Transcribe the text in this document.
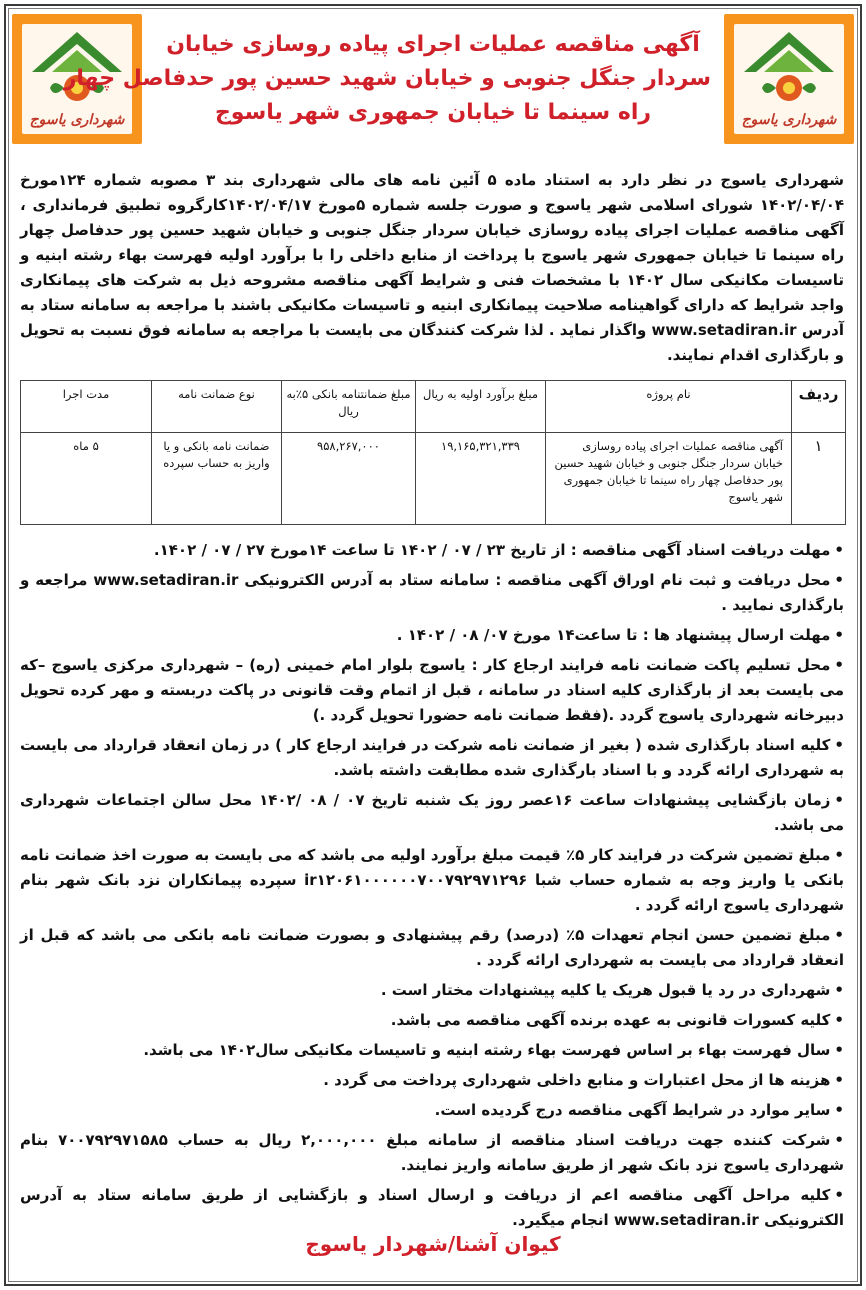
شهرداری یاسوج
آگهی مناقصه عملیات اجرای پیاده روسازی خیابان
سردار جنگل جنوبی و خیابان شهید حسین پور حدفاصل چهار
راه سینما تا خیابان جمهوری شهر یاسوج	شهرداری یاسوج
شهرداری یاسوج در نظر دارد به استناد ماده ۵ آئین نامه های مالی شهرداری بند ۳ مصوبه شماره ۱۲۴مورخ ۱۴۰۲/۰۴/۰۴ شورای اسلامی شهر یاسوج و صورت جلسه شماره ۵مورخ ۱۴۰۲/۰۴/۱۷کارگروه تطبیق فرمانداری ، آگهی مناقصه عملیات اجرای پیاده روسازی خیابان سردار جنگل جنوبی و خیابان شهید حسین پور حدفاصل چهار راه سینما تا خیابان جمهوری شهر یاسوج با پرداخت از منابع داخلی را با برآورد اولیه فهرست بهاء رشته ابنیه و تاسیسات مکانیکی سال ۱۴۰۲ با مشخصات فنی و شرایط آگهی مناقصه مشروحه ذیل به شرکت های پیمانکاری واجد شرایط که دارای گواهینامه صلاحیت پیمانکاری ابنیه و تاسیسات مکانیکی باشند با مراجعه به سامانه ستاد به آدرس www.setadiran.ir واگذار نماید . لذا شرکت کنندگان می بایست با مراجعه به سامانه فوق نسبت به تحویل و بارگذاری اقدام نمایند.
ردیف	نام پروژه	مبلغ برآورد اولیه به ریال	مبلغ ضمانتنامه بانکی ۵٪به ریال	نوع ضمانت نامه	مدت اجرا
۱	آگهی مناقصه عملیات اجرای پیاده روسازی خیابان سردار جنگل جنوبی و خیابان شهید حسین پور حدفاصل چهار راه سینما تا خیابان جمهوری شهر یاسوج	۱۹,۱۶۵,۳۲۱,۳۳۹	۹۵۸,۲۶۷,۰۰۰	ضمانت نامه بانکی و یا واریز به حساب سپرده	۵ ماه
•مهلت دریافت اسناد آگهی مناقصه : از تاریخ ۲۳ / ۰۷ / ۱۴۰۲ تا ساعت ۱۴مورخ ۲۷ / ۰۷ / ۱۴۰۲.
•محل دریافت و ثبت نام اوراق آگهی مناقصه : سامانه ستاد به آدرس الکترونیکی www.setadiran.ir مراجعه و بارگذاری نمایید .
•مهلت ارسال پیشنهاد ها : تا ساعت۱۴ مورخ ۰۷/ ۰۸ / ۱۴۰۲ .
•محل تسلیم پاکت ضمانت نامه فرایند ارجاع کار : یاسوج بلوار امام خمینی (ره) – شهرداری مرکزی یاسوج –که می بایست بعد از بارگذاری کلیه اسناد در سامانه ، قبل از اتمام وقت قانونی در پاکت دربسته و مهر کرده تحویل دبیرخانه شهرداری یاسوج گردد .(فقط ضمانت نامه حضورا تحویل گردد .)
•کلیه اسناد بارگذاری شده ( بغیر از ضمانت نامه شرکت در فرایند ارجاع کار ) در زمان انعقاد قرارداد می بایست به شهرداری ارائه گردد و با اسناد بارگذاری شده مطابقت داشته باشد.
•زمان بازگشایی پیشنهادات ساعت ۱۶عصر روز یک شنبه تاریخ ۰۷ / ۰۸ /۱۴۰۲ محل سالن اجتماعات شهرداری می باشد.
•مبلغ تضمین شرکت در فرایند کار ۵٪ قیمت مبلغ برآورد اولیه می باشد که می بایست به صورت اخذ ضمانت نامه بانکی یا واریز وجه به شماره حساب شبا ir۱۲۰۶۱۰۰۰۰۰۰۷۰۰۷۹۲۹۷۱۲۹۶ سپرده پیمانکاران نزد بانک شهر بنام شهرداری یاسوج ارائه گردد .
•مبلغ تضمین حسن انجام تعهدات ۵٪ (درصد) رقم پیشنهادی و بصورت ضمانت نامه بانکی می باشد که قبل از انعقاد قرارداد می بایست به شهرداری ارائه گردد .
•شهرداری در رد یا قبول هریک یا کلیه پیشنهادات مختار است .
•کلیه کسورات قانونی به عهده برنده آگهی مناقصه می باشد.
•سال فهرست بهاء بر اساس فهرست بهاء رشته ابنیه و تاسیسات مکانیکی سال۱۴۰۲ می باشد.
•هزینه ها از محل اعتبارات و منابع داخلی شهرداری پرداخت می گردد .
•سایر موارد در شرایط آگهی مناقصه درج گردیده است.
•شرکت کننده جهت دریافت اسناد مناقصه از سامانه مبلغ ۲,۰۰۰,۰۰۰ ریال به حساب ۷۰۰۷۹۲۹۷۱۵۸۵ بنام شهرداری یاسوج نزد بانک شهر از طریق سامانه واریز نمایند.
•کلیه مراحل آگهی مناقصه اعم از دریافت و ارسال اسناد و بازگشایی از طریق سامانه ستاد به آدرس الکترونیکی www.setadiran.ir انجام میگیرد.
کیوان آشنا/شهردار یاسوج
